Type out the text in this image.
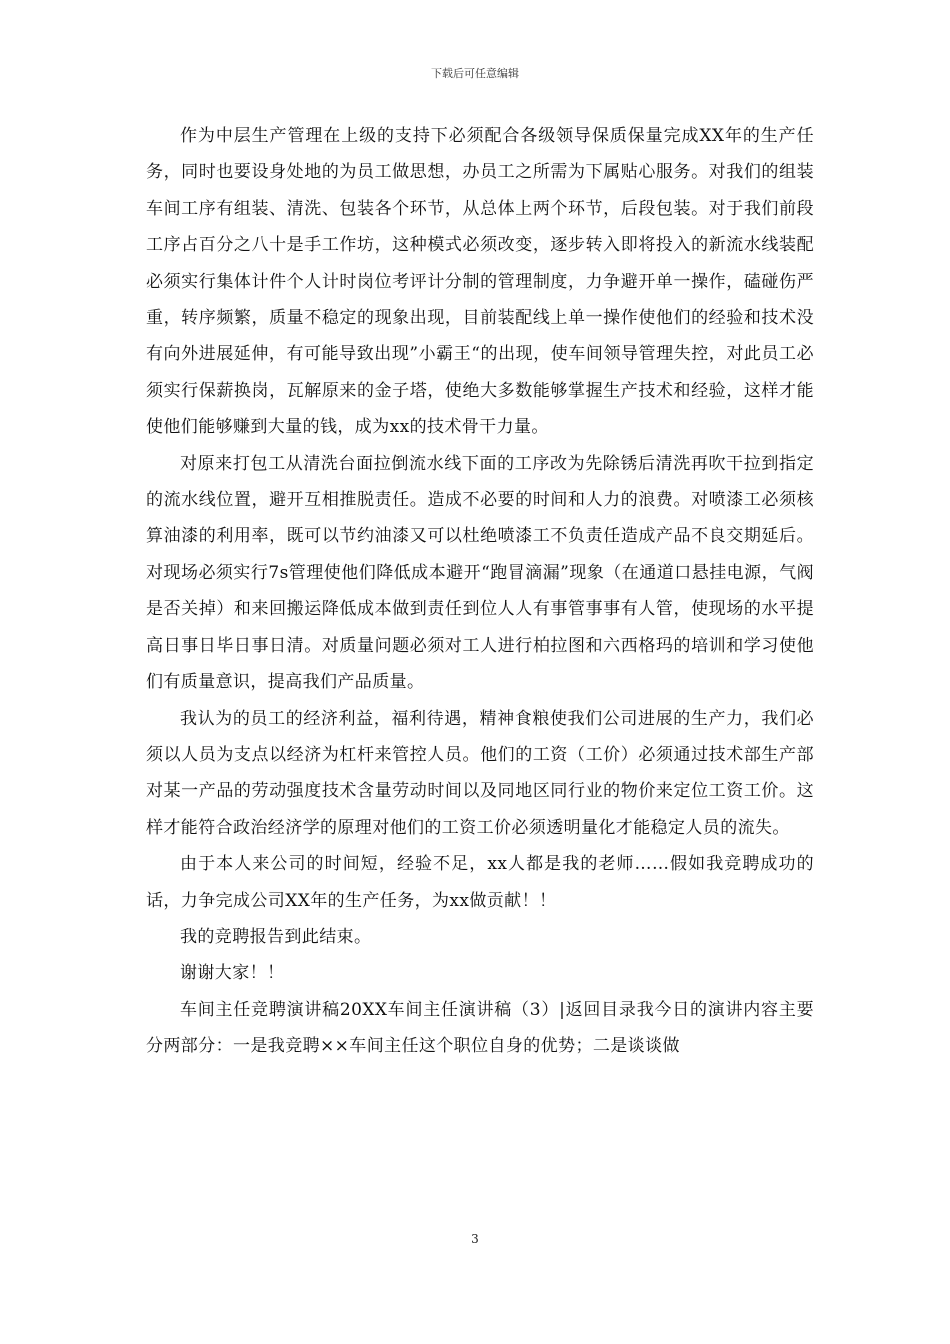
下载后可任意编辑

作为中层生产管理在上级的支持下必须配合各级领导保质保量完成XX年的生产任务，同时也要设身处地的为员工做思想，办员工之所需为下属贴心服务。对我们的组装车间工序有组装、清洗、包装各个环节，从总体上两个环节，后段包装。对于我们前段工序占百分之八十是手工作坊，这种模式必须改变，逐步转入即将投入的新流水线装配必须实行集体计件个人计时岗位考评计分制的管理制度，力争避开单一操作，磕碰伤严重，转序频繁，质量不稳定的现象出现，目前装配线上单一操作使他们的经验和技术没有向外进展延伸，有可能导致出现”小霸王“的出现，使车间领导管理失控，对此员工必须实行保薪换岗，瓦解原来的金子塔，使绝大多数能够掌握生产技术和经验，这样才能使他们能够赚到大量的钱，成为xx的技术骨干力量。

对原来打包工从清洗台面拉倒流水线下面的工序改为先除锈后清洗再吹干拉到指定的流水线位置，避开互相推脱责任。造成不必要的时间和人力的浪费。对喷漆工必须核算油漆的利用率，既可以节约油漆又可以杜绝喷漆工不负责任造成产品不良交期延后。对现场必须实行7s管理使他们降低成本避开“跑冒滴漏”现象（在通道口悬挂电源，气阀是否关掉）和来回搬运降低成本做到责任到位人人有事管事事有人管，使现场的水平提高日事日毕日事日清。对质量问题必须对工人进行柏拉图和六西格玛的培训和学习使他们有质量意识，提高我们产品质量。

我认为的员工的经济利益，福利待遇，精神食粮使我们公司进展的生产力，我们必须以人员为支点以经济为杠杆来管控人员。他们的工资（工价）必须通过技术部生产部对某一产品的劳动强度技术含量劳动时间以及同地区同行业的物价来定位工资工价。这样才能符合政治经济学的原理对他们的工资工价必须透明量化才能稳定人员的流失。

由于本人来公司的时间短，经验不足，xx人都是我的老师……假如我竞聘成功的话，力争完成公司XX年的生产任务，为xx做贡献！！

我的竞聘报告到此结束。

谢谢大家！！

车间主任竞聘演讲稿20XX车间主任演讲稿（3）|返回目录我今日的演讲内容主要分两部分：一是我竞聘××车间主任这个职位自身的优势；二是谈谈做

3
